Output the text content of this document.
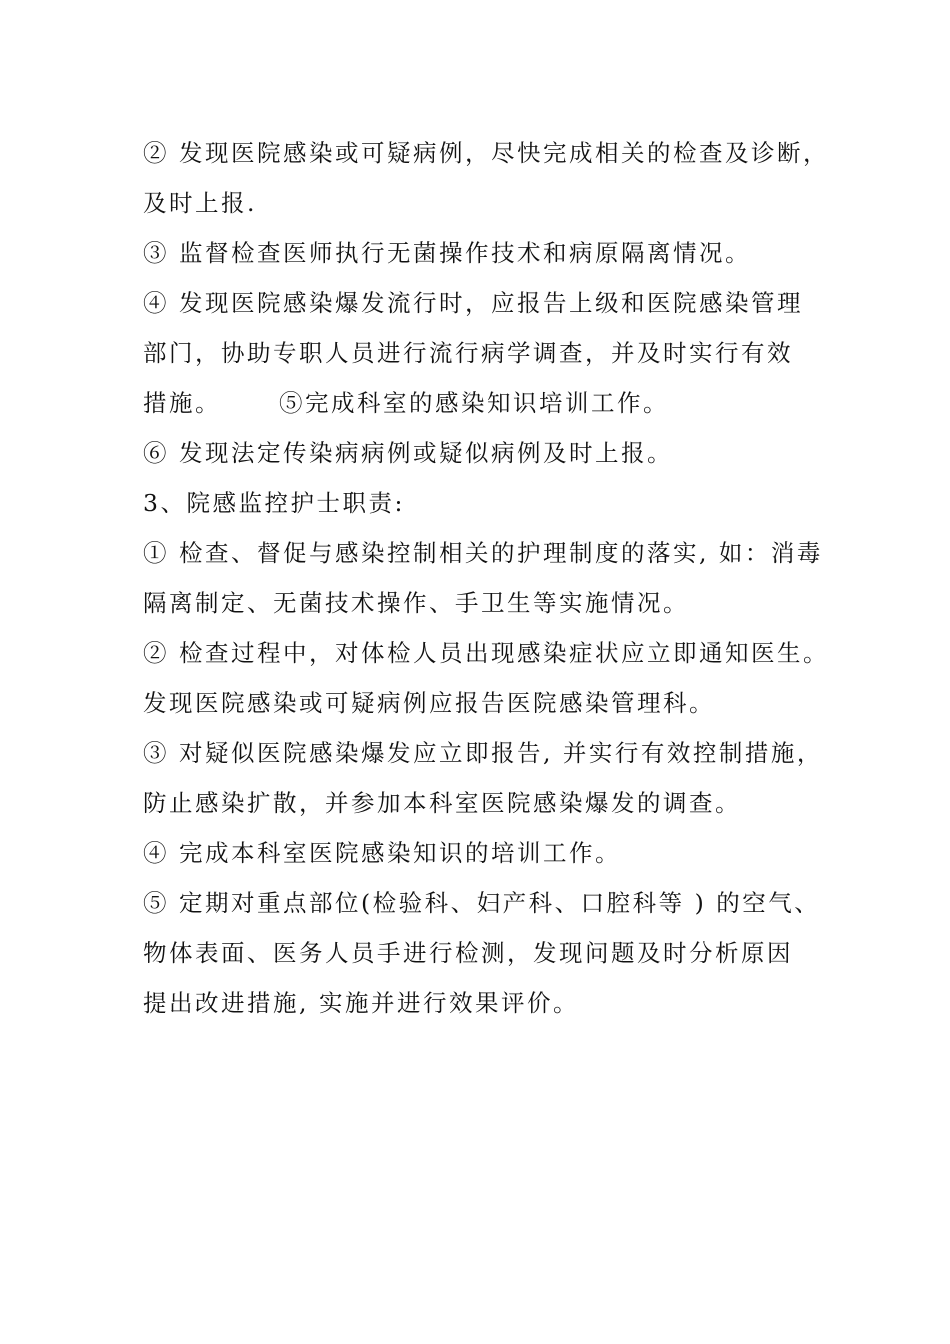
② 发现医院感染或可疑病例，尽快完成相关的检查及诊断，
及时上报.
③ 监督检查医师执行无菌操作技术和病原隔离情况。
④ 发现医院感染爆发流行时，应报告上级和医院感染管理
部门，协助专职人员进行流行病学调查，并及时实行有效
措施。 ⑤完成科室的感染知识培训工作。
⑥ 发现法定传染病病例或疑似病例及时上报。
3、院感监控护士职责:
① 检查、督促与感染控制相关的护理制度的落实, 如：消毒
隔离制定、无菌技术操作、手卫生等实施情况。
② 检查过程中，对体检人员出现感染症状应立即通知医生。
发现医院感染或可疑病例应报告医院感染管理科。
③ 对疑似医院感染爆发应立即报告, 并实行有效控制措施，
防止感染扩散，并参加本科室医院感染爆发的调查。
④ 完成本科室医院感染知识的培训工作。
⑤ 定期对重点部位(检验科、妇产科、口腔科等 ) 的空气、
物体表面、医务人员手进行检测，发现问题及时分析原因
提出改进措施, 实施并进行效果评价。
